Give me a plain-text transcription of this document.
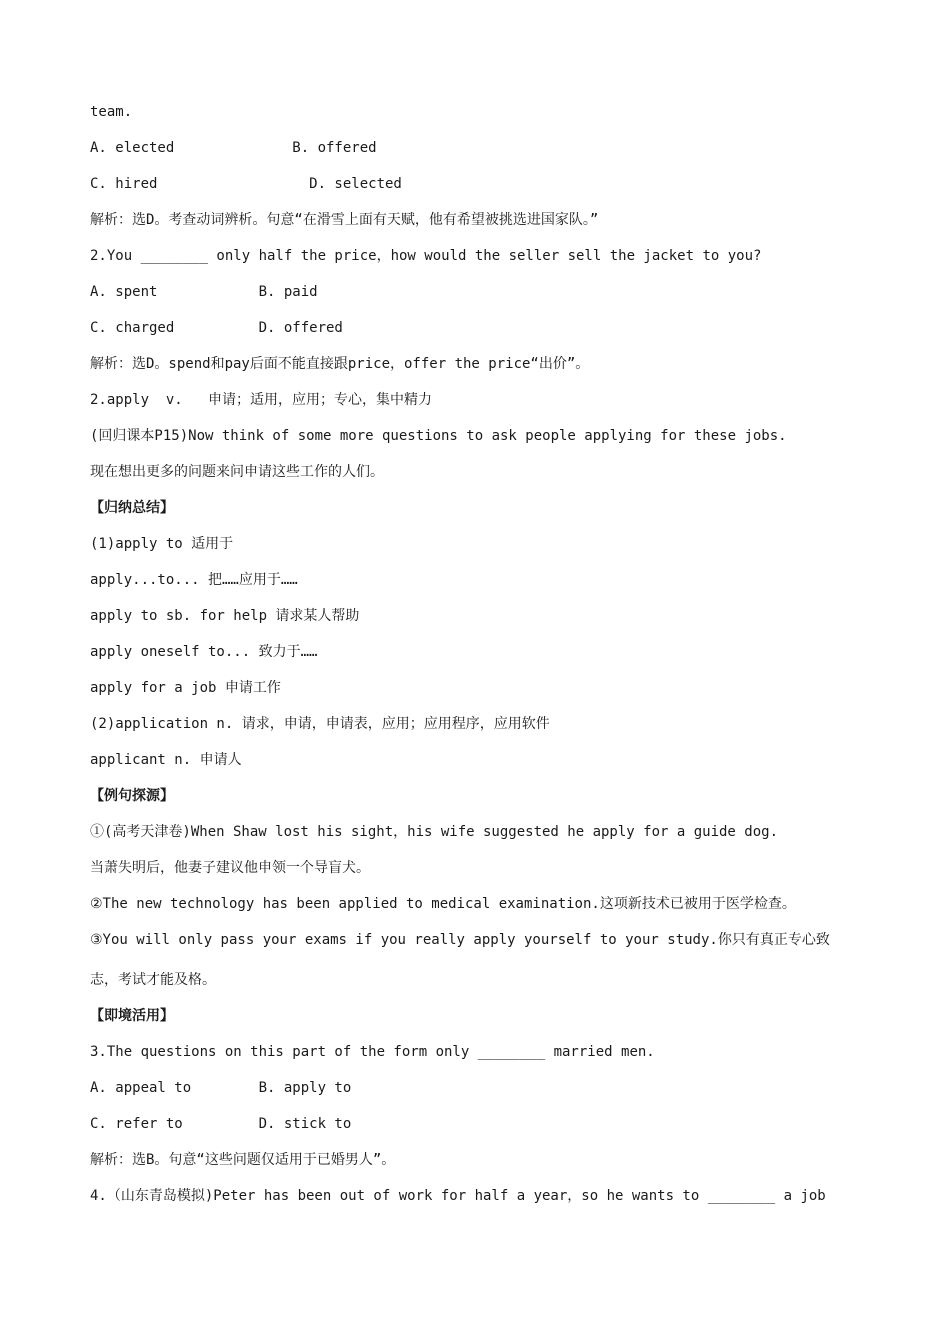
team.
A. elected              B. offered
C. hired                  D. selected
解析：选D。考查动词辨析。句意“在滑雪上面有天赋，他有希望被挑选进国家队。”
2.You ________ only half the price，how would the seller sell the jacket to you?
A. spent            B. paid
C. charged          D. offered
解析：选D。spend和pay后面不能直接跟price，offer the price“出价”。
2.apply  v.   申请；适用，应用；专心，集中精力
(回归课本P15)Now think of some more questions to ask people applying for these jobs.
现在想出更多的问题来问申请这些工作的人们。
【归纳总结】
(1)apply to 适用于
apply...to... 把……应用于……
apply to sb. for help 请求某人帮助
apply oneself to... 致力于……
apply for a job 申请工作
(2)application n. 请求，申请，申请表，应用；应用程序，应用软件
applicant n. 申请人
【例句探源】
①(高考天津卷)When Shaw lost his sight，his wife suggested he apply for a guide dog.
当萧失明后，他妻子建议他申领一个导盲犬。
②The new technology has been applied to medical examination.这项新技术已被用于医学检查。
③You will only pass your exams if you really apply yourself to your study.你只有真正专心致
志，考试才能及格。
【即境活用】
3.The questions on this part of the form only ________ married men.
A. appeal to        B. apply to
C. refer to         D. stick to
解析：选B。句意“这些问题仅适用于已婚男人”。
4.（山东青岛模拟)Peter has been out of work for half a year，so he wants to ________ a job
